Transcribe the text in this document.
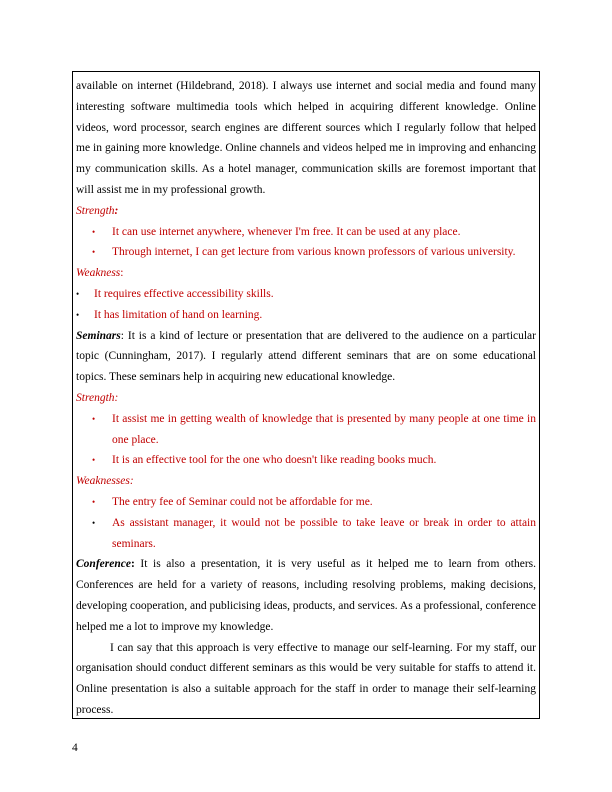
available on internet (Hildebrand, 2018). I always use internet and social media and found many interesting software multimedia tools which helped in acquiring different knowledge. Online videos, word processor, search engines are different sources which I regularly follow that helped me in gaining more knowledge. Online channels and videos helped me in improving and enhancing my communication skills. As a hotel manager, communication skills are foremost important that will assist me in my professional growth.

Strength:

• It can use internet anywhere, whenever I'm free. It can be used at any place.
• Through internet, I can get lecture from various known professors of various university.

Weakness:

• It requires effective accessibility skills.
• It has limitation of hand on learning.

Seminars: It is a kind of lecture or presentation that are delivered to the audience on a particular topic (Cunningham, 2017). I regularly attend different seminars that are on some educational topics. These seminars help in acquiring new educational knowledge.

Strength:

• It assist me in getting wealth of knowledge that is presented by many people at one time in one place.
• It is an effective tool for the one who doesn't like reading books much.

Weaknesses:

• The entry fee of Seminar could not be affordable for me.
• As assistant manager, it would not be possible to take leave or break in order to attain seminars.

Conference: It is also a presentation, it is very useful as it helped me to learn from others. Conferences are held for a variety of reasons, including resolving problems, making decisions, developing cooperation, and publicising ideas, products, and services. As a professional, conference helped me a lot to improve my knowledge.

I can say that this approach is very effective to manage our self-learning. For my staff, our organisation should conduct different seminars as this would be very suitable for staffs to attend it. Online presentation is also a suitable approach for the staff in order to manage their self-learning process.

4
